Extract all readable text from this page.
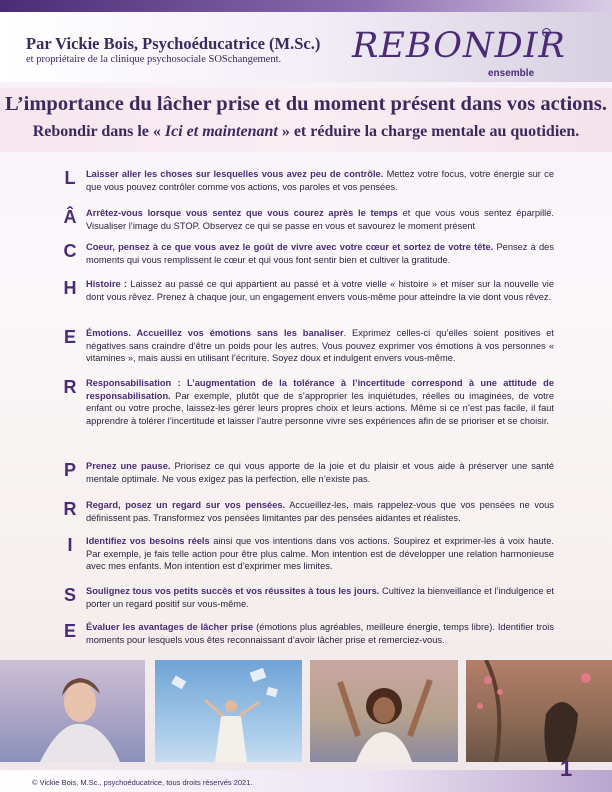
Par Vickie Bois, Psychoéducatrice (M.Sc.)
et propriétaire de la clinique psychosociale SOSchangement. REBONDIR
ensemble
L’importance du lâcher prise et du moment présent dans vos actions.
Rebondir dans le « Ici et maintenant » et réduire la charge mentale au quotidien.
L	Laisser aller les choses sur lesquelles vous avez peu de contrôle. Mettez votre focus, votre énergie sur ce que vous pouvez contrôler comme vos actions, vos paroles et vos pensées.
Â	Arrêtez-vous lorsque vous sentez que vous courez après le temps et que vous vous sentez éparpillé. Visualiser l’image du STOP. Observez ce qui se passe en vous et savourez le moment présent
C	Coeur, pensez à ce que vous avez le goût de vivre avec votre cœur et sortez de votre tête. Pensez à des moments qui vous remplissent le cœur et qui vous font sentir bien et cultiver la gratitude.
H	Histoire : Laissez au passé ce qui appartient au passé et à votre vielle « histoire » et miser sur la nouvelle vie dont vous rêvez. Prenez à chaque jour, un engagement envers vous-même pour atteindre la vie dont vous rêvez.
E	Émotions. Accueillez vos émotions sans les banaliser. Exprimez celles-ci qu’elles soient positives et négatives sans craindre d’être un poids pour les autres. Vous pouvez exprimer vos émotions à vos personnes « vitamines », mais aussi en utilisant l’écriture. Soyez doux et indulgent envers vous-même.
R	Responsabilisation : L’augmentation de la tolérance à l’incertitude correspond à une attitude de responsabilisation. Par exemple, plutôt que de s’approprier les inquiétudes, réelles ou imaginées, de votre enfant ou votre proche, laissez-les gérer leurs propres choix et leurs actions. Même si ce n’est pas facile, il faut apprendre à tolérer l’incertitude et laisser l’autre personne vivre ses expériences afin de se prioriser et se choisir.
P	Prenez une pause. Priorisez ce qui vous apporte de la joie et du plaisir et vous aide à préserver une santé mentale optimale. Ne vous exigez pas la perfection, elle n’existe pas.
R	Regard, posez un regard sur vos pensées. Accueillez-les, mais rappelez-vous que vos pensées ne vous définissent pas. Transformez vos pensées limitantes par des pensées aidantes et réalistes.
I	Identifiez vos besoins réels ainsi que vos intentions dans vos actions. Soupirez et exprimer-les à voix haute. Par exemple, je fais telle action pour être plus calme. Mon intention est de développer une relation harmonieuse avec mes enfants. Mon intention est d’exprimer mes limites.
S	Soulignez tous vos petits succès et vos réussites à tous les jours. Cultivez la bienveillance et l’indulgence et porter un regard positif sur vous-même.
E	Évaluer les avantages de lâcher prise (émotions plus agréables, meilleure énergie, temps libre). Identifier trois moments pour lesquels vous êtes reconnaissant d’avoir lâcher prise et remerciez-vous.
© Vickie Bois, M.Sc., psychoéducatrice, tous droits réservés 2021.
1
